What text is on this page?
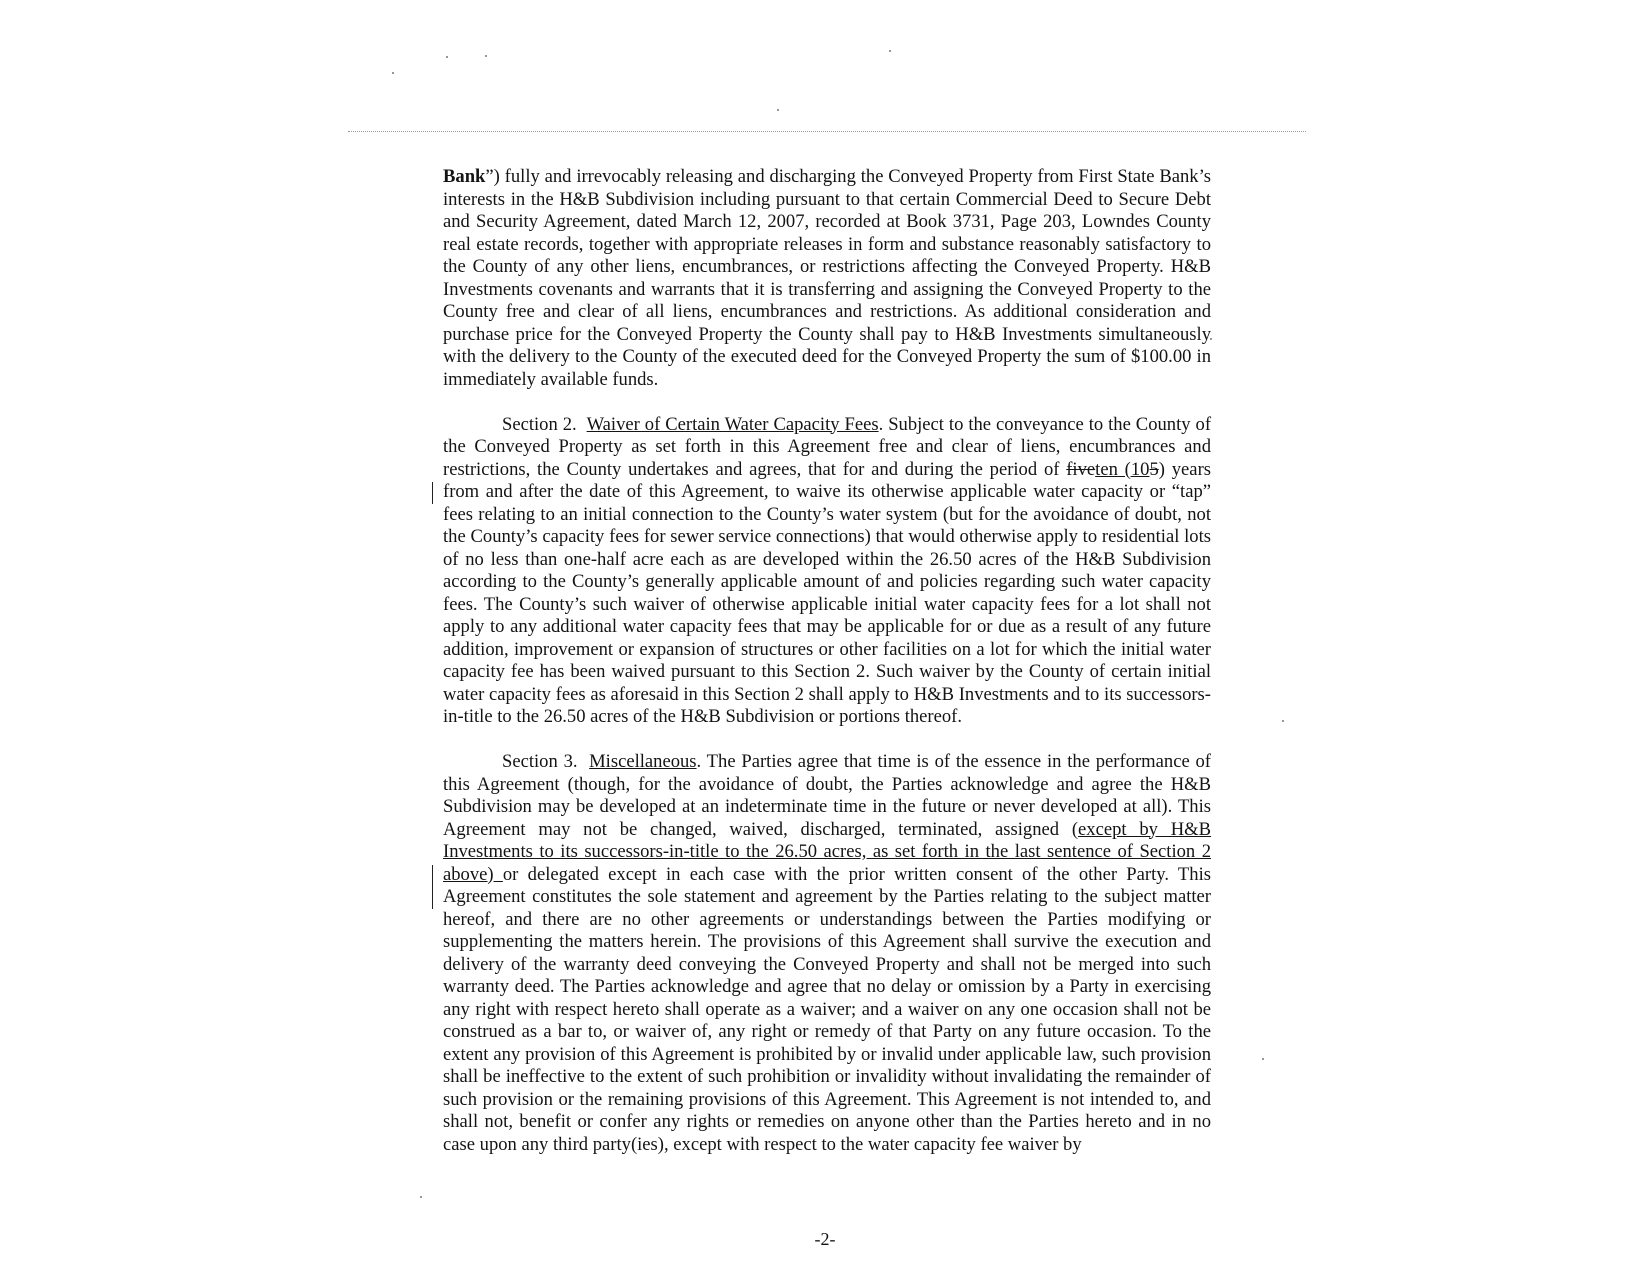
Bank”) fully and irrevocably releasing and discharging the Conveyed Property from First State Bank’s interests in the H&B Subdivision including pursuant to that certain Commercial Deed to Secure Debt and Security Agreement, dated March 12, 2007, recorded at Book 3731, Page 203, Lowndes County real estate records, together with appropriate releases in form and substance reasonably satisfactory to the County of any other liens, encumbrances, or restrictions affecting the Conveyed Property. H&B Investments covenants and warrants that it is transferring and assigning the Conveyed Property to the County free and clear of all liens, encumbrances and restrictions. As additional consideration and purchase price for the Conveyed Property the County shall pay to H&B Investments simultaneously with the delivery to the County of the executed deed for the Conveyed Property the sum of $100.00 in immediately available funds.

Section 2. Waiver of Certain Water Capacity Fees. Subject to the conveyance to the County of the Conveyed Property as set forth in this Agreement free and clear of liens, encumbrances and restrictions, the County undertakes and agrees, that for and during the period of fiveten (105) years from and after the date of this Agreement, to waive its otherwise applicable water capacity or “tap” fees relating to an initial connection to the County’s water system (but for the avoidance of doubt, not the County’s capacity fees for sewer service connections) that would otherwise apply to residential lots of no less than one-half acre each as are developed within the 26.50 acres of the H&B Subdivision according to the County’s generally applicable amount of and policies regarding such water capacity fees. The County’s such waiver of otherwise applicable initial water capacity fees for a lot shall not apply to any additional water capacity fees that may be applicable for or due as a result of any future addition, improvement or expansion of structures or other facilities on a lot for which the initial water capacity fee has been waived pursuant to this Section 2. Such waiver by the County of certain initial water capacity fees as aforesaid in this Section 2 shall apply to H&B Investments and to its successors-in-title to the 26.50 acres of the H&B Subdivision or portions thereof.

Section 3. Miscellaneous. The Parties agree that time is of the essence in the performance of this Agreement (though, for the avoidance of doubt, the Parties acknowledge and agree the H&B Subdivision may be developed at an indeterminate time in the future or never developed at all). This Agreement may not be changed, waived, discharged, terminated, assigned (except by H&B Investments to its successors-in-title to the 26.50 acres, as set forth in the last sentence of Section 2 above) or delegated except in each case with the prior written consent of the other Party. This Agreement constitutes the sole statement and agreement by the Parties relating to the subject matter hereof, and there are no other agreements or understandings between the Parties modifying or supplementing the matters herein. The provisions of this Agreement shall survive the execution and delivery of the warranty deed conveying the Conveyed Property and shall not be merged into such warranty deed. The Parties acknowledge and agree that no delay or omission by a Party in exercising any right with respect hereto shall operate as a waiver; and a waiver on any one occasion shall not be construed as a bar to, or waiver of, any right or remedy of that Party on any future occasion. To the extent any provision of this Agreement is prohibited by or invalid under applicable law, such provision shall be ineffective to the extent of such prohibition or invalidity without invalidating the remainder of such provision or the remaining provisions of this Agreement. This Agreement is not intended to, and shall not, benefit or confer any rights or remedies on anyone other than the Parties hereto and in no case upon any third party(ies), except with respect to the water capacity fee waiver by

-2-
